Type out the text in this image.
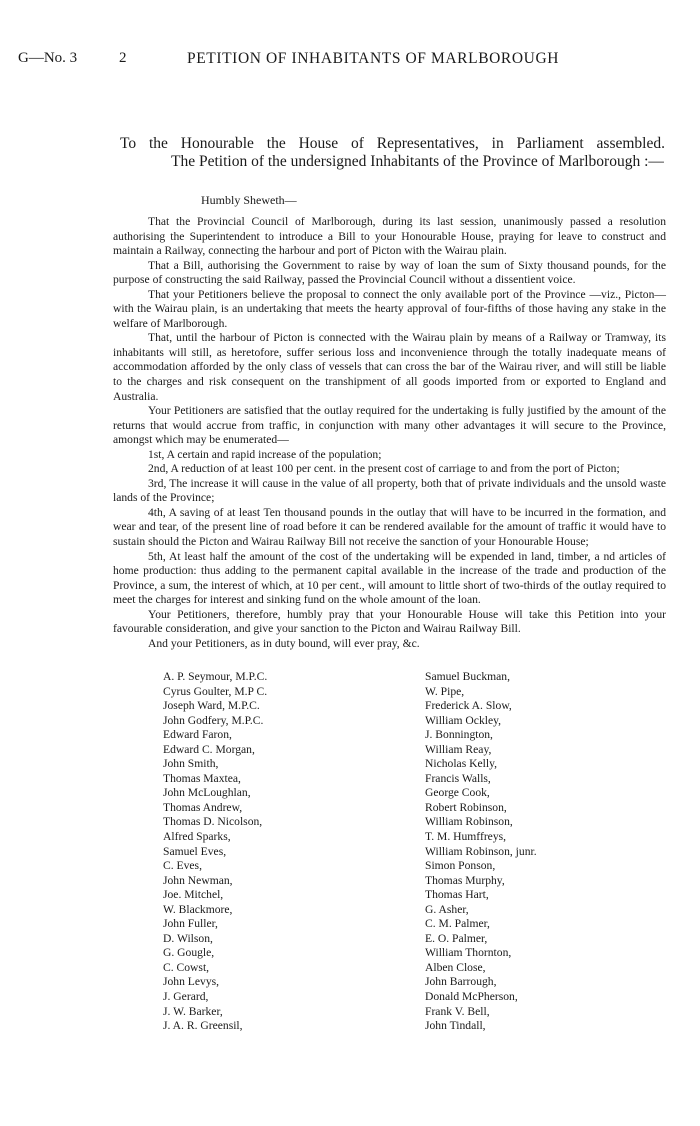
G—No. 3	2	PETITION OF INHABITANTS OF MARLBOROUGH
To the Honourable the House of Representatives, in Parliament assembled.
The Petition of the undersigned Inhabitants of the Province of Marlborough :—
Humbly Sheweth—

That the Provincial Council of Marlborough, during its last session, unanimously passed a resolution authorising the Superintendent to introduce a Bill to your Honourable House, praying for leave to construct and maintain a Railway, connecting the harbour and port of Picton with the Wairau plain.

That a Bill, authorising the Government to raise by way of loan the sum of Sixty thousand pounds, for the purpose of constructing the said Railway, passed the Provincial Council without a dissentient voice.

That your Petitioners believe the proposal to connect the only available port of the Province —viz., Picton—with the Wairau plain, is an undertaking that meets the hearty approval of four-fifths of those having any stake in the welfare of Marlborough.

That, until the harbour of Picton is connected with the Wairau plain by means of a Railway or Tramway, its inhabitants will still, as heretofore, suffer serious loss and inconvenience through the totally inadequate means of accommodation afforded by the only class of vessels that can cross the bar of the Wairau river, and will still be liable to the charges and risk consequent on the transhipment of all goods imported from or exported to England and Australia.

Your Petitioners are satisfied that the outlay required for the undertaking is fully justified by the amount of the returns that would accrue from traffic, in conjunction with many other advantages it will secure to the Province, amongst which may be enumerated—

1st, A certain and rapid increase of the population;

2nd, A reduction of at least 100 per cent. in the present cost of carriage to and from the port of Picton;

3rd, The increase it will cause in the value of all property, both that of private individuals and the unsold waste lands of the Province;

4th, A saving of at least Ten thousand pounds in the outlay that will have to be incurred in the formation, and wear and tear, of the present line of road before it can be rendered available for the amount of traffic it would have to sustain should the Picton and Wairau Railway Bill not receive the sanction of your Honourable House;

5th, At least half the amount of the cost of the undertaking will be expended in land, timber, a nd articles of home production: thus adding to the permanent capital available in the increase of the trade and production of the Province, a sum, the interest of which, at 10 per cent., will amount to little short of two-thirds of the outlay required to meet the charges for interest and sinking fund on the whole amount of the loan.

Your Petitioners, therefore, humbly pray that your Honourable House will take this Petition into your favourable consideration, and give your sanction to the Picton and Wairau Railway Bill.

And your Petitioners, as in duty bound, will ever pray, &c.

A. P. Seymour, M.P.C.
Cyrus Goulter, M.P C.
Joseph Ward, M.P.C.
John Godfery, M.P.C.
Edward Faron,
Edward C. Morgan,
John Smith,
Thomas Maxtea,
John McLoughlan,
Thomas Andrew,
Thomas D. Nicolson,
Alfred Sparks,
Samuel Eves,
C. Eves,
John Newman,
Joe. Mitchel,
W. Blackmore,
John Fuller,
D. Wilson,
G. Gougle,
C. Cowst,
John Levys,
J. Gerard,
J. W. Barker,
J. A. R. Greensil,
Samuel Buckman,
W. Pipe,
Frederick A. Slow,
William Ockley,
J. Bonnington,
William Reay,
Nicholas Kelly,
Francis Walls,
George Cook,
Robert Robinson,
William Robinson,
T. M. Humffreys,
William Robinson, junr.
Simon Ponson,
Thomas Murphy,
Thomas Hart,
G. Asher,
C. M. Palmer,
E. O. Palmer,
William Thornton,
Alben Close,
John Barrough,
Donald McPherson,
Frank V. Bell,
John Tindall,
